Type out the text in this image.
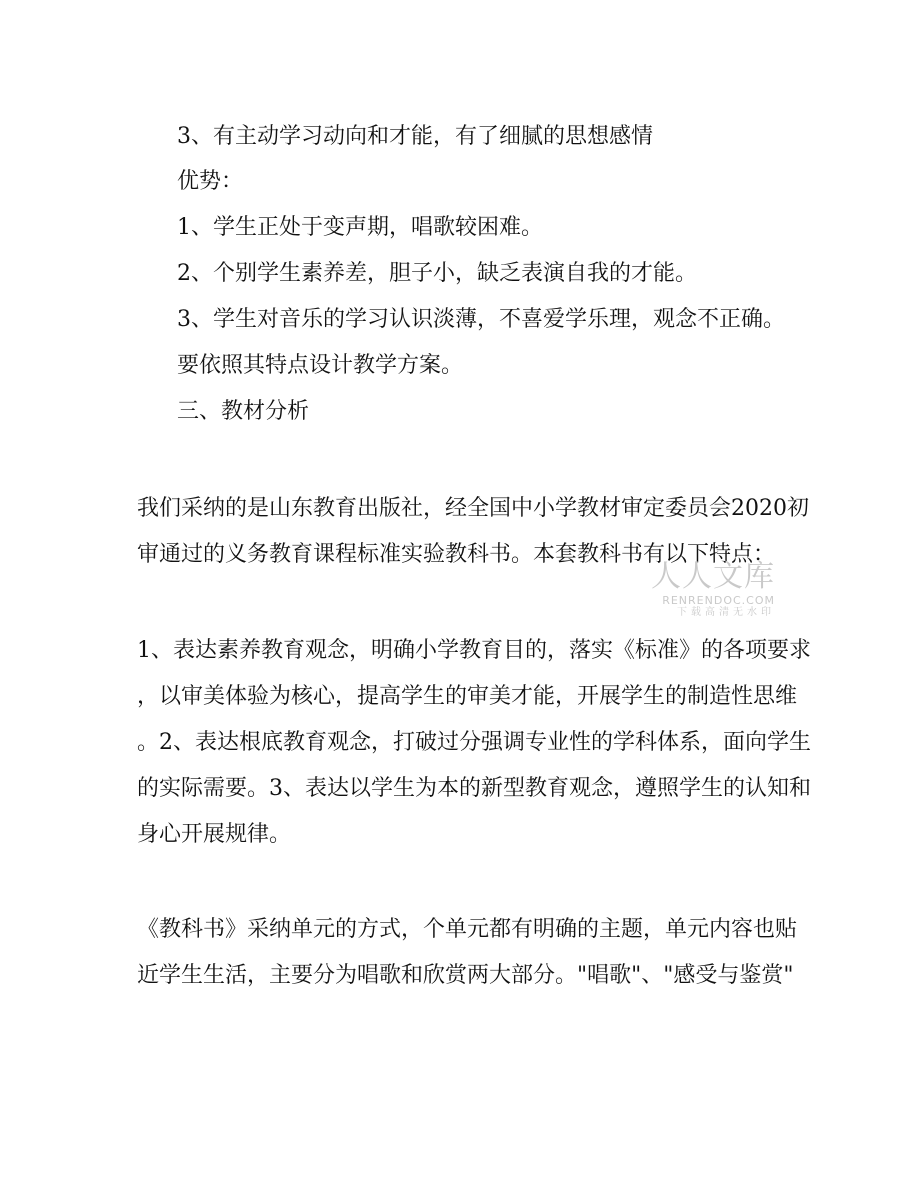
3、有主动学习动向和才能，有了细腻的思想感情

优势：

1、学生正处于变声期，唱歌较困难。

2、个别学生素养差，胆子小，缺乏表演自我的才能。

3、学生对音乐的学习认识淡薄，不喜爱学乐理，观念不正确。

要依照其特点设计教学方案。

三、教材分析

我们采纳的是山东教育出版社，经全国中小学教材审定委员会2020初

审通过的义务教育课程标准实验教科书。本套教科书有以下特点：

1、表达素养教育观念，明确小学教育目的，落实《标准》的各项要求

，以审美体验为核心，提高学生的审美才能，开展学生的制造性思维

。2、表达根底教育观念，打破过分强调专业性的学科体系，面向学生

的实际需要。3、表达以学生为本的新型教育观念，遵照学生的认知和

身心开展规律。

《教科书》采纳单元的方式，个单元都有明确的主题，单元内容也贴

近学生生活，主要分为唱歌和欣赏两大部分。"唱歌"、"感受与鉴赏"

人人文库

RENRENDOC.COM

下载高清无水印
